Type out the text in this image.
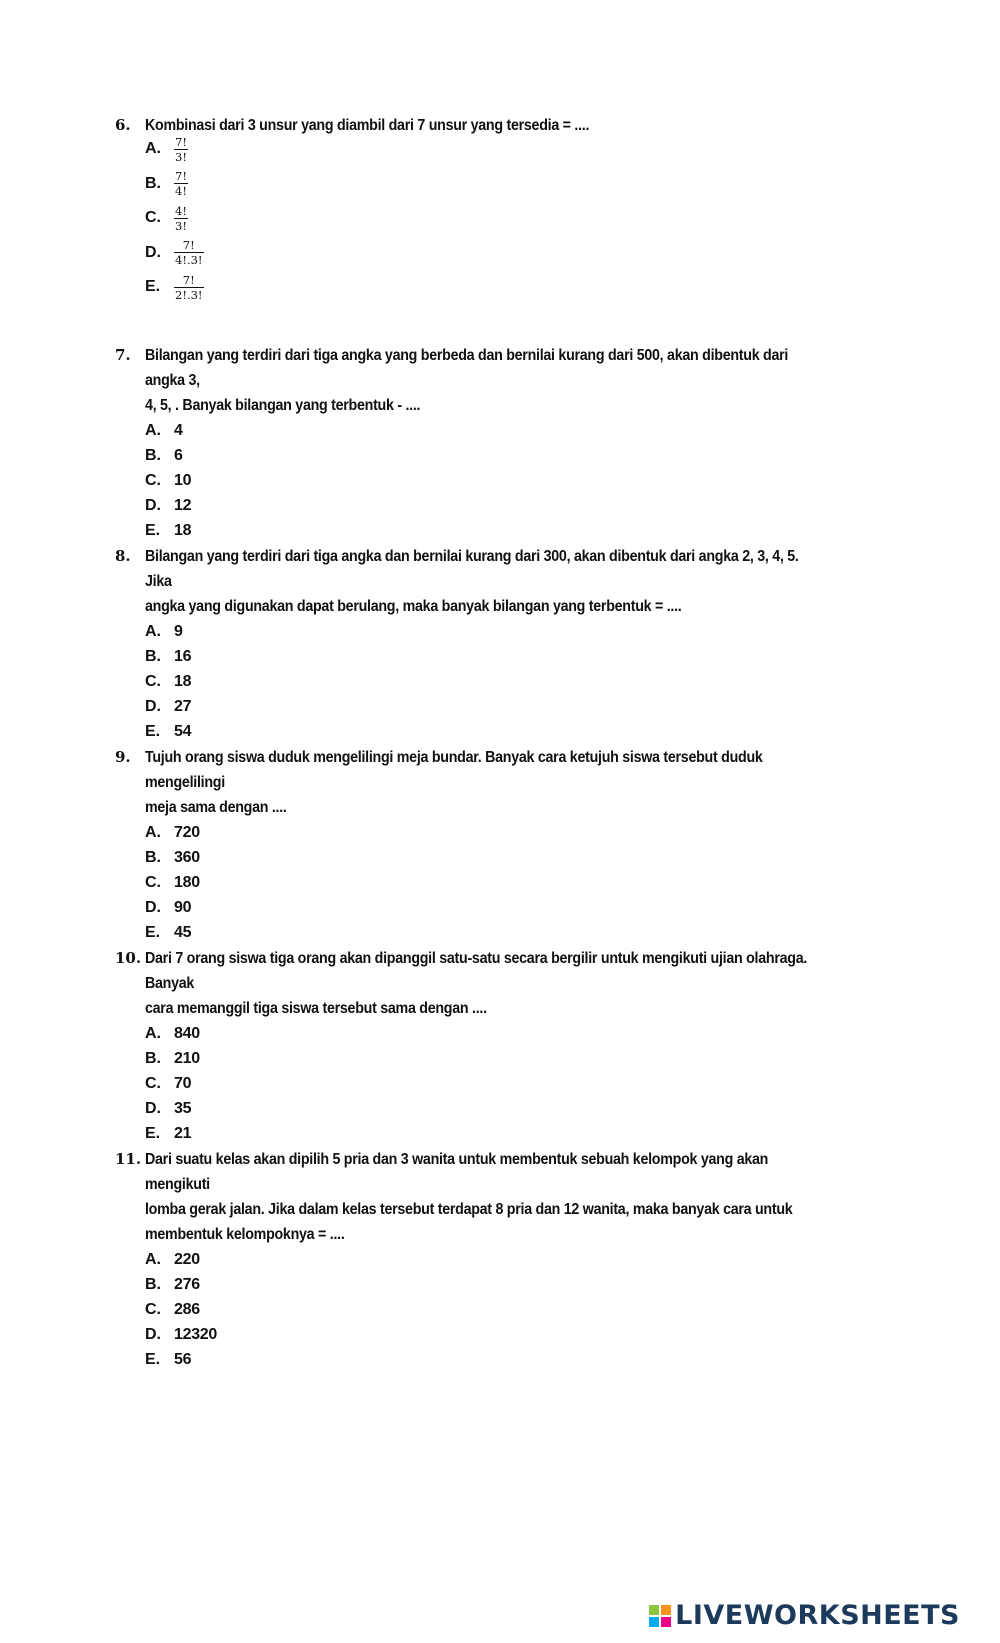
6. Kombinasi dari 3 unsur yang diambil dari 7 unsur yang tersedia = ....
A.	$\frac{7!}{3!}$
B.	$\frac{7!}{4!}$
C.	$\frac{4!}{3!}$
D.	$\frac{7!}{4!.3!}$
E.	$\frac{7!}{2!.3!}$
7. Bilangan yang terdiri dari tiga angka yang berbeda dan bernilai kurang dari 500, akan dibentuk dari angka 3,
4, 5, . Banyak bilangan yang terbentuk - ....
A. 4
B. 6
C. 10
D. 12
E. 18
8. Bilangan yang terdiri dari tiga angka dan bernilai kurang dari 300, akan dibentuk dari angka 2, 3, 4, 5. Jika
angka yang digunakan dapat berulang, maka banyak bilangan yang terbentuk = ....
A. 9
B. 16
C. 18
D. 27
E. 54
9. Tujuh orang siswa duduk mengelilingi meja bundar. Banyak cara ketujuh siswa tersebut duduk mengelilingi
meja sama dengan ....
A. 720
B. 360
C. 180
D. 90
E. 45
10. Dari 7 orang siswa tiga orang akan dipanggil satu-satu secara bergilir untuk mengikuti ujian olahraga. Banyak
cara memanggil tiga siswa tersebut sama dengan ....
A. 840
B. 210
C. 70
D. 35
E. 21
11. Dari suatu kelas akan dipilih 5 pria dan 3 wanita untuk membentuk sebuah kelompok yang akan mengikuti
lomba gerak jalan. Jika dalam kelas tersebut terdapat 8 pria dan 12 wanita, maka banyak cara untuk
membentuk kelompoknya = ....
A. 220
B. 276
C. 286
D. 12320
E. 56
LIVEWORKSHEETS
